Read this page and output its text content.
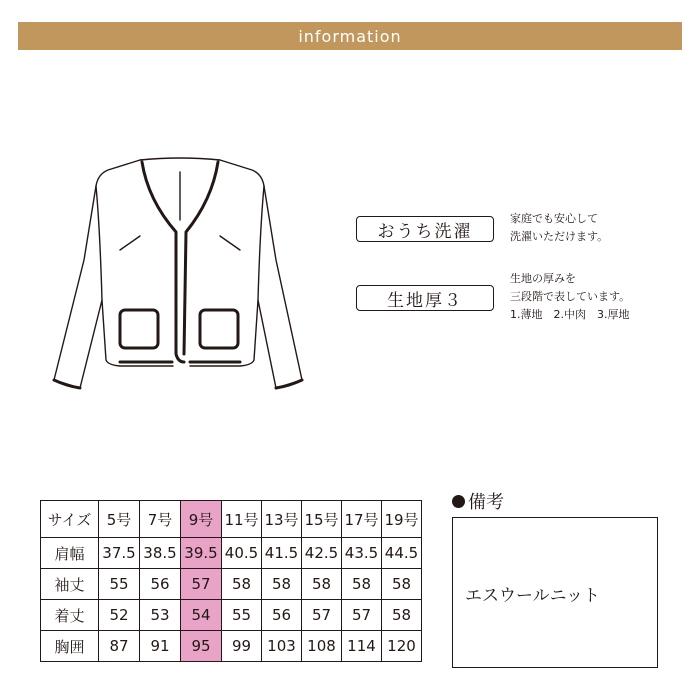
information
おうち洗濯
家庭でも安心して
洗濯いただけます。
生地厚３
生地の厚みを
三段階で表しています。
1.薄地　2.中肉　3.厚地
サイズ	5号	7号	9号	11号	13号	15号	17号	19号
肩幅	37.5	38.5	39.5	40.5	41.5	42.5	43.5	44.5
袖丈	55	56	57	58	58	58	58	58
着丈	52	53	54	55	56	57	57	58
胸囲	87	91	95	99	103	108	114	120
備考
エスウールニット
